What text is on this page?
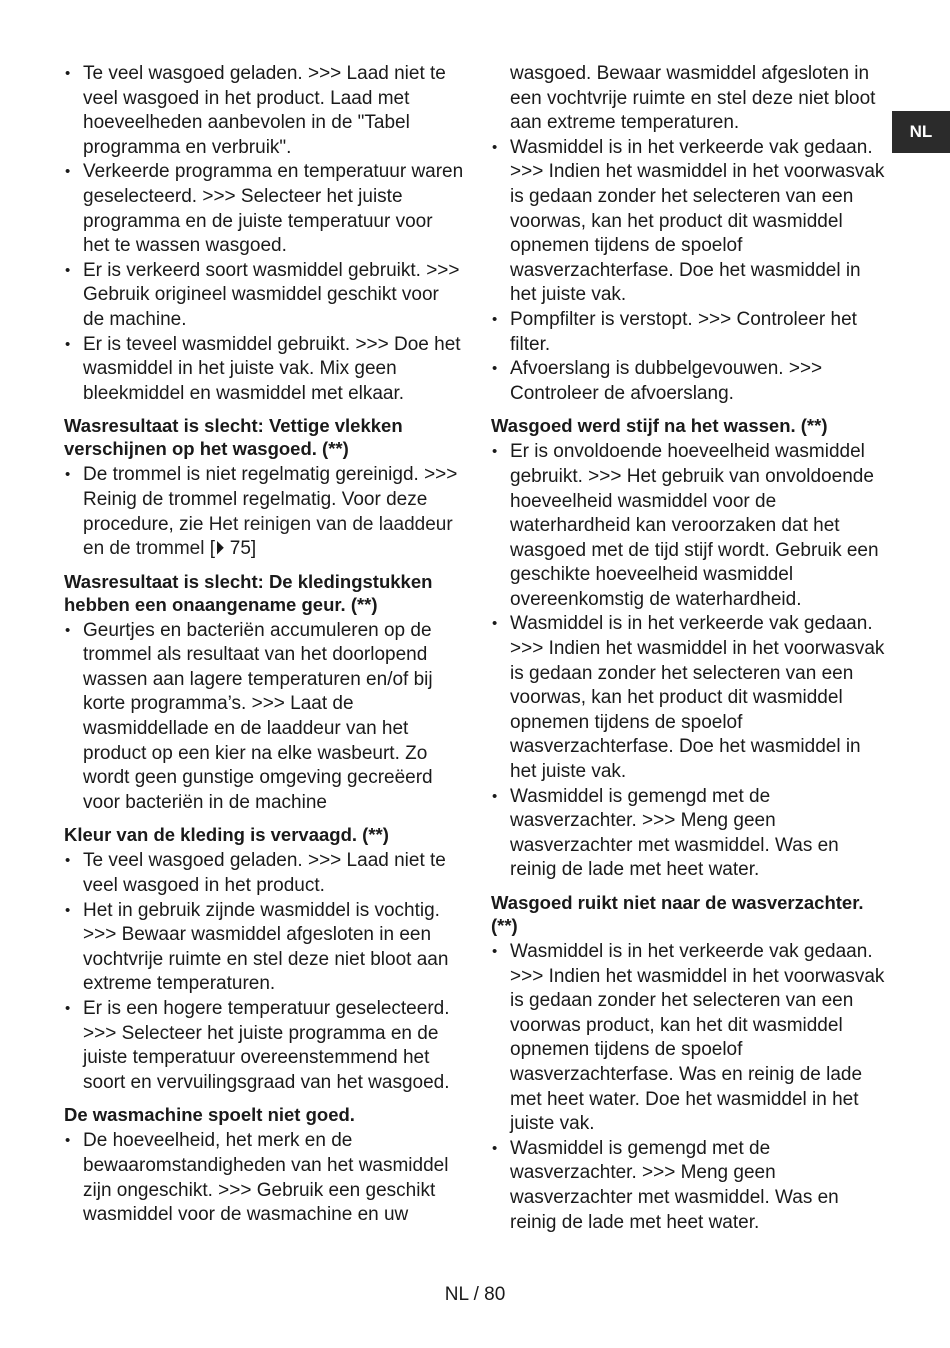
NL
• Te veel wasgoed geladen. >>> Laad niet te veel wasgoed in het product. Laad met hoeveelheden aanbevolen in de "Tabel programma en verbruik".
• Verkeerde programma en temperatuur waren geselecteerd. >>> Selecteer het juiste programma en de juiste temperatuur voor het te wassen wasgoed.
• Er is verkeerd soort wasmiddel gebruikt. >>> Gebruik origineel wasmiddel geschikt voor de machine.
• Er is teveel wasmiddel gebruikt. >>> Doe het wasmiddel in het juiste vak. Mix geen bleekmiddel en wasmiddel met elkaar.
Wasresultaat is slecht: Vettige vlekken verschijnen op het wasgoed. (**)
• De trommel is niet regelmatig gereinigd. >>> Reinig de trommel regelmatig. Voor deze procedure, zie Het reinigen van de laaddeur en de trommel [⏵ 75]
Wasresultaat is slecht: De kledingstukken hebben een onaangename geur. (**)
• Geurtjes en bacteriën accumuleren op de trommel als resultaat van het doorlopend wassen aan lagere temperaturen en/of bij korte programma’s. >>> Laat de wasmiddellade en de laaddeur van het product op een kier na elke wasbeurt. Zo wordt geen gunstige omgeving gecreëerd voor bacteriën in de machine
Kleur van de kleding is vervaagd. (**)
• Te veel wasgoed geladen. >>> Laad niet te veel wasgoed in het product.
• Het in gebruik zijnde wasmiddel is vochtig. >>> Bewaar wasmiddel afgesloten in een vochtvrije ruimte en stel deze niet bloot aan extreme temperaturen.
• Er is een hogere temperatuur geselecteerd. >>> Selecteer het juiste programma en de juiste temperatuur overeenstemmend het soort en vervuilingsgraad van het wasgoed.
De wasmachine spoelt niet goed.
• De hoeveelheid, het merk en de bewaaromstandigheden van het wasmiddel zijn ongeschikt. >>> Gebruik een geschikt wasmiddel voor de wasmachine en uw

wasgoed. Bewaar wasmiddel afgesloten in een vochtvrije ruimte en stel deze niet bloot aan extreme temperaturen.

• Wasmiddel is in het verkeerde vak gedaan. >>> Indien het wasmiddel in het voorwasvak is gedaan zonder het selecteren van een voorwas, kan het product dit wasmiddel opnemen tijdens de spoelof wasverzachterfase. Doe het wasmiddel in het juiste vak.
• Pompfilter is verstopt. >>> Controleer het filter.
• Afvoerslang is dubbelgevouwen. >>> Controleer de afvoerslang.
Wasgoed werd stijf na het wassen. (**)
• Er is onvoldoende hoeveelheid wasmiddel gebruikt. >>> Het gebruik van onvoldoende hoeveelheid wasmiddel voor de waterhardheid kan veroorzaken dat het wasgoed met de tijd stijf wordt. Gebruik een geschikte hoeveelheid wasmiddel overeenkomstig de waterhardheid.
• Wasmiddel is in het verkeerde vak gedaan. >>> Indien het wasmiddel in het voorwasvak is gedaan zonder het selecteren van een voorwas, kan het product dit wasmiddel opnemen tijdens de spoelof wasverzachterfase. Doe het wasmiddel in het juiste vak.
• Wasmiddel is gemengd met de wasverzachter. >>> Meng geen wasverzachter met wasmiddel. Was en reinig de lade met heet water.
Wasgoed ruikt niet naar de wasverzachter. (**)
• Wasmiddel is in het verkeerde vak gedaan. >>> Indien het wasmiddel in het voorwasvak is gedaan zonder het selecteren van een voorwas product, kan het dit wasmiddel opnemen tijdens de spoelof wasverzachterfase. Was en reinig de lade met heet water. Doe het wasmiddel in het juiste vak.
• Wasmiddel is gemengd met de wasverzachter. >>> Meng geen wasverzachter met wasmiddel. Was en reinig de lade met heet water.
NL / 80
